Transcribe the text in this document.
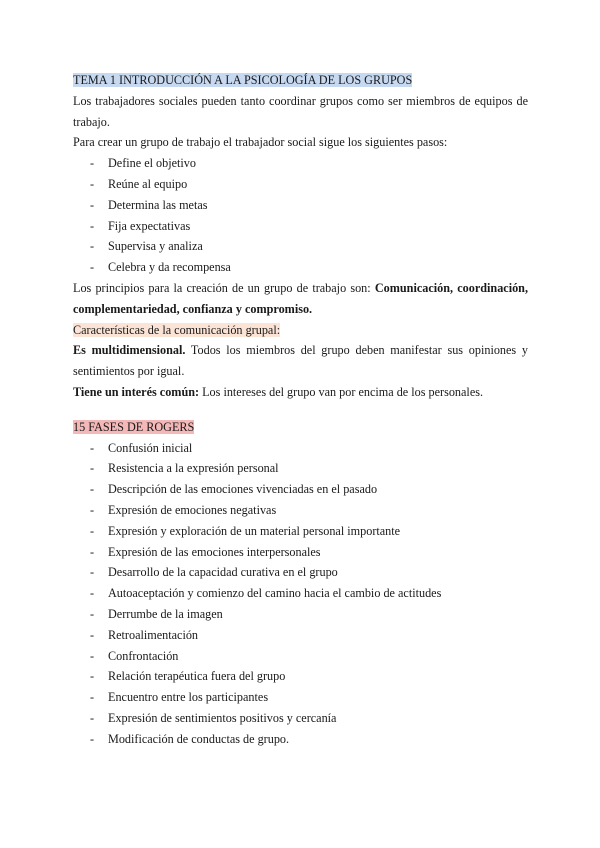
TEMA 1 INTRODUCCIÓN A LA PSICOLOGÍA DE LOS GRUPOS

Los trabajadores sociales pueden tanto coordinar grupos como ser miembros de equipos de trabajo.

Para crear un grupo de trabajo el trabajador social sigue los siguientes pasos:

- Define el objetivo
- Reúne al equipo
- Determina las metas
- Fija expectativas
- Supervisa y analiza
- Celebra y da recompensa

Los principios para la creación de un grupo de trabajo son: Comunicación, coordinación, complementariedad, confianza y compromiso.

Características de la comunicación grupal:

Es multidimensional. Todos los miembros del grupo deben manifestar sus opiniones y sentimientos por igual.

Tiene un interés común: Los intereses del grupo van por encima de los personales.

15 FASES DE ROGERS

- Confusión inicial
- Resistencia a la expresión personal
- Descripción de las emociones vivenciadas en el pasado
- Expresión de emociones negativas
- Expresión y exploración de un material personal importante
- Expresión de las emociones interpersonales
- Desarrollo de la capacidad curativa en el grupo
- Autoaceptación y comienzo del camino hacia el cambio de actitudes
- Derrumbe de la imagen
- Retroalimentación
- Confrontación
- Relación terapéutica fuera del grupo
- Encuentro entre los participantes
- Expresión de sentimientos positivos y cercanía
- Modificación de conductas de grupo.
